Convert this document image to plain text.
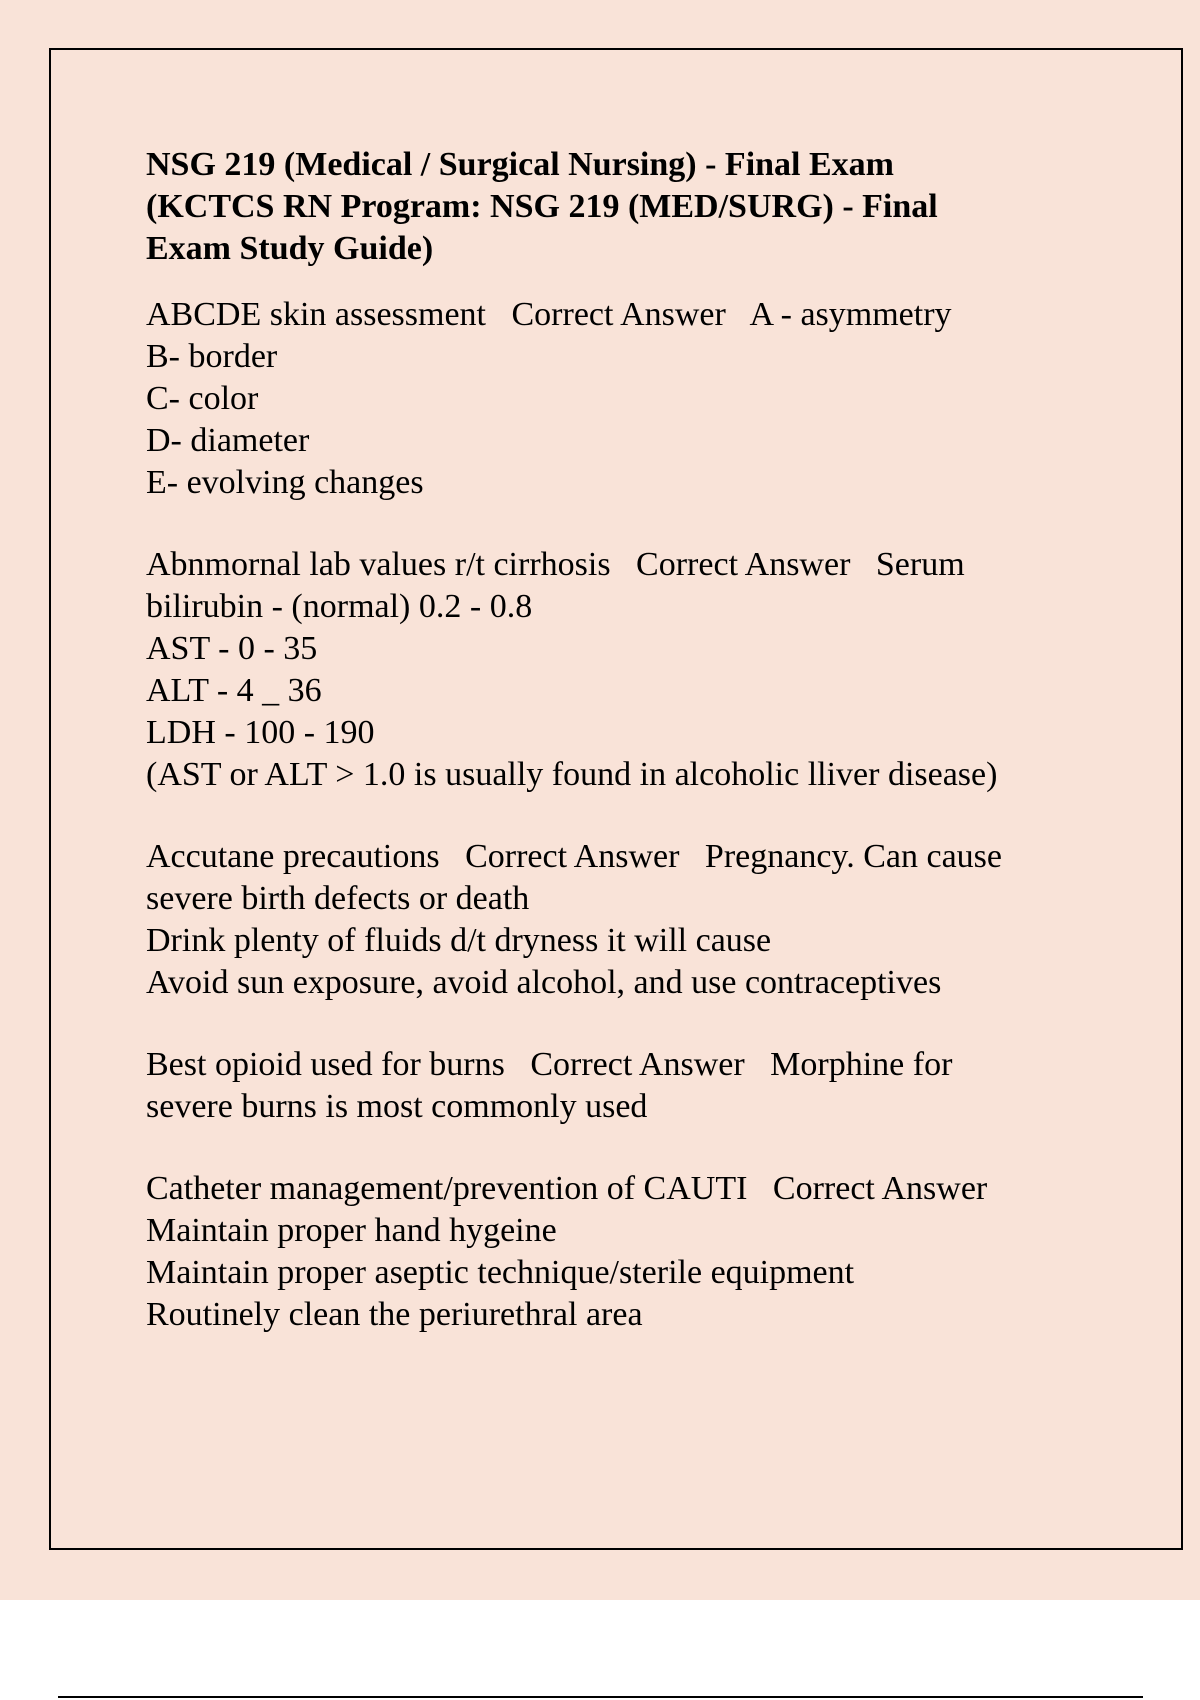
NSG 219 (Medical / Surgical Nursing) - Final Exam (KCTCS RN Program: NSG 219 (MED/SURG) - Final Exam Study Guide)
ABCDE skin assessment   Correct Answer   A - asymmetry
B- border
C- color
D- diameter
E- evolving changes
Abnmornal lab values r/t cirrhosis   Correct Answer   Serum
bilirubin - (normal) 0.2 - 0.8
AST - 0 - 35
ALT - 4 _ 36
LDH - 100 - 190
(AST or ALT > 1.0 is usually found in alcoholic lliver disease)
Accutane precautions   Correct Answer   Pregnancy. Can cause
severe birth defects or death
Drink plenty of fluids d/t dryness it will cause
Avoid sun exposure, avoid alcohol, and use contraceptives
Best opioid used for burns   Correct Answer   Morphine for
severe burns is most commonly used
Catheter management/prevention of CAUTI   Correct Answer
Maintain proper hand hygeine
Maintain proper aseptic technique/sterile equipment
Routinely clean the periurethral area
